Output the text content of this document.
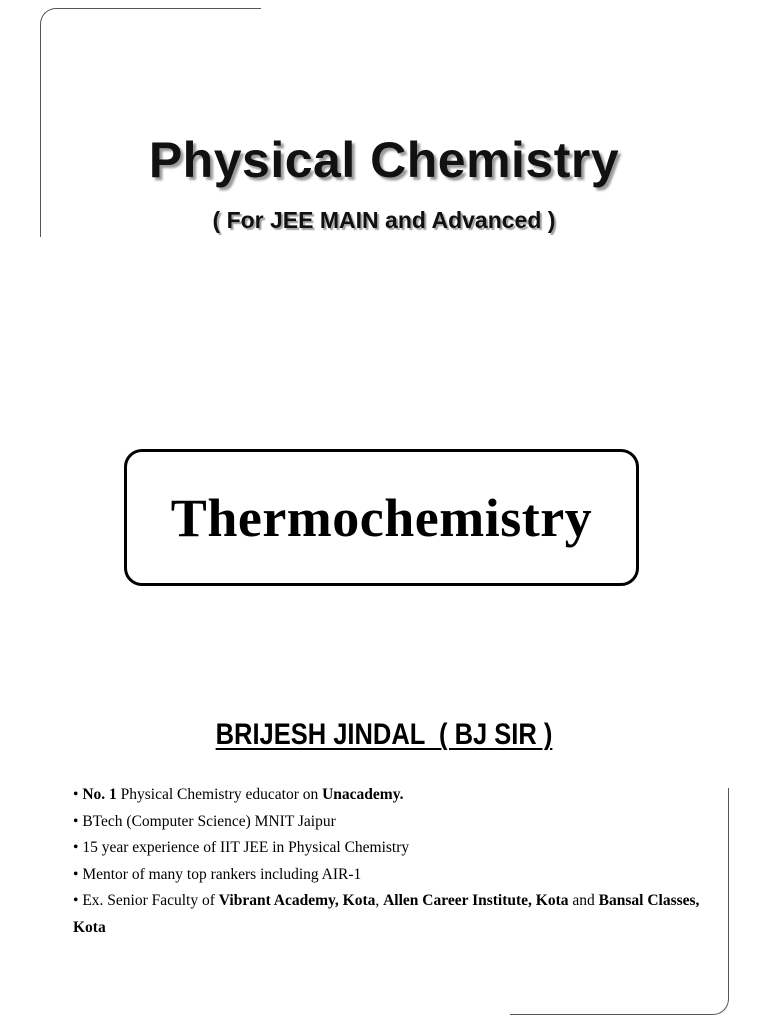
Physical Chemistry
( For JEE MAIN and Advanced )
Thermochemistry
BRIJESH JINDAL  ( BJ SIR )
• No. 1 Physical Chemistry educator on Unacademy.
• BTech (Computer Science) MNIT Jaipur
• 15 year experience of IIT JEE in Physical Chemistry
• Mentor of many top rankers including AIR-1
• Ex. Senior Faculty of Vibrant Academy, Kota, Allen Career Institute, Kota and Bansal Classes, Kota
